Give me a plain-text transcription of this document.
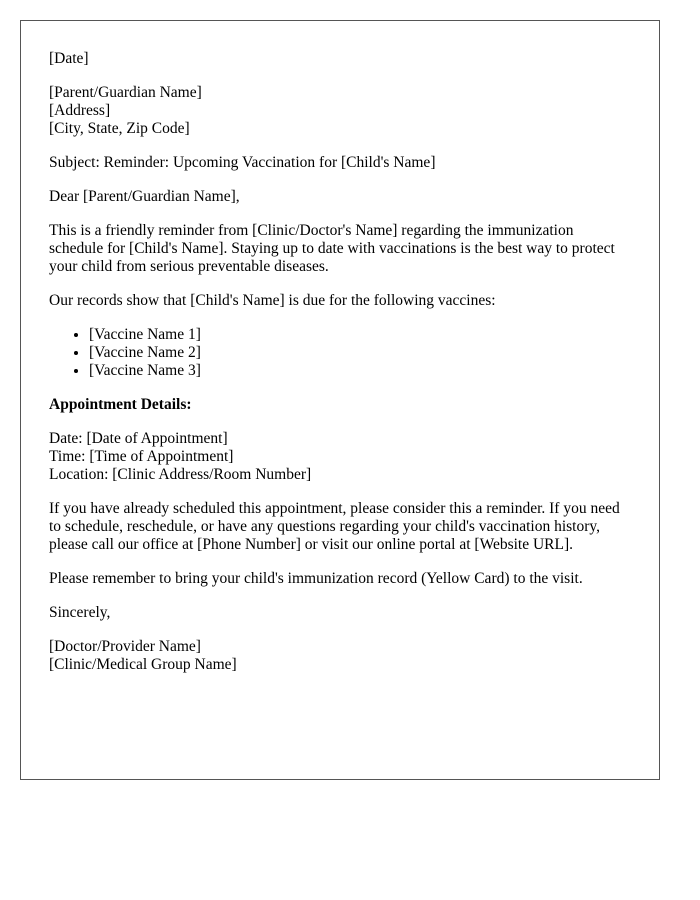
[Date]

[Parent/Guardian Name]
[Address]
[City, State, Zip Code]

Subject: Reminder: Upcoming Vaccination for [Child's Name]

Dear [Parent/Guardian Name],

This is a friendly reminder from [Clinic/Doctor's Name] regarding the immunization schedule for [Child's Name]. Staying up to date with vaccinations is the best way to protect your child from serious preventable diseases.

Our records show that [Child's Name] is due for the following vaccines:

• [Vaccine Name 1]
• [Vaccine Name 2]
• [Vaccine Name 3]

Appointment Details:

Date: [Date of Appointment]
Time: [Time of Appointment]
Location: [Clinic Address/Room Number]

If you have already scheduled this appointment, please consider this a reminder. If you need to schedule, reschedule, or have any questions regarding your child's vaccination history, please call our office at [Phone Number] or visit our online portal at [Website URL].

Please remember to bring your child's immunization record (Yellow Card) to the visit.

Sincerely,

[Doctor/Provider Name]
[Clinic/Medical Group Name]
